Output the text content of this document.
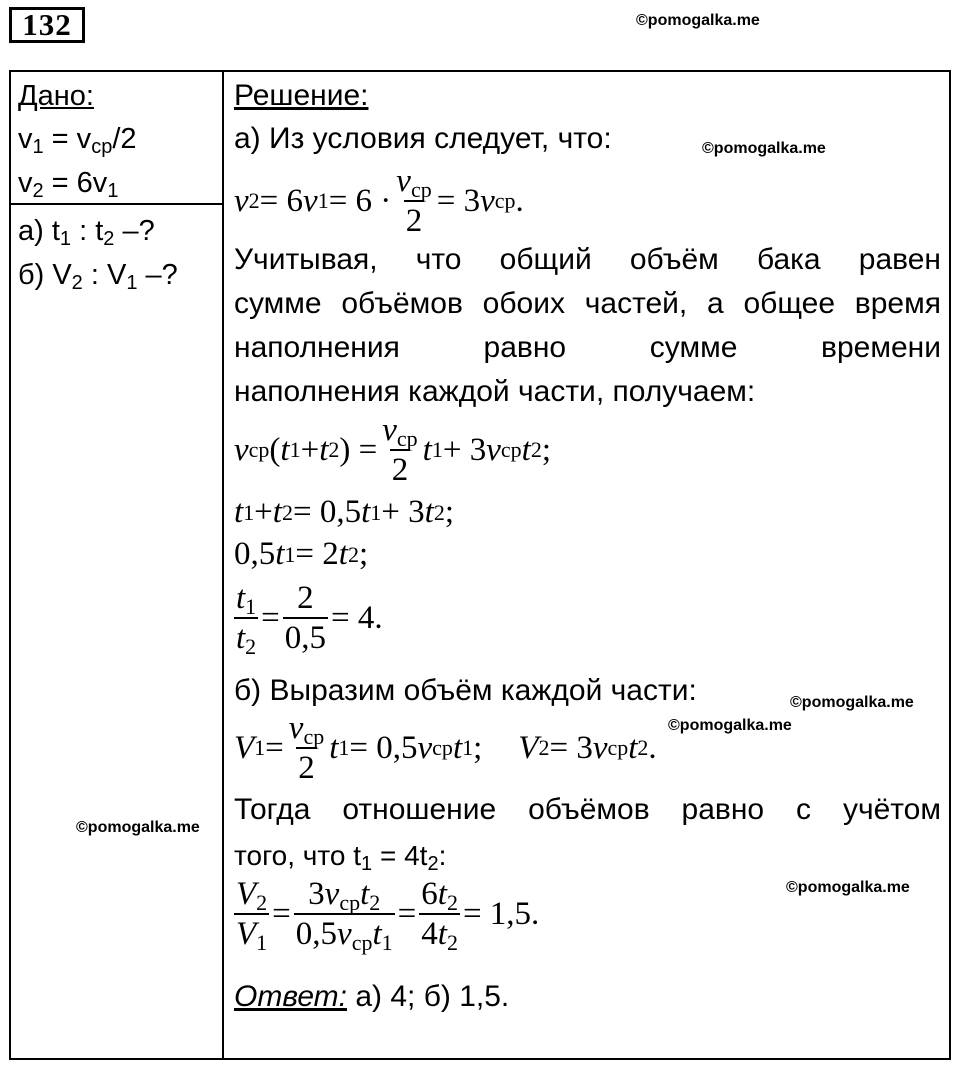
132	©pomogalka.me
Дано:
$v_1 = v_{ср}/2$
$v_2 = 6v_1$
а) $t_1$ : $t_2$ –?
б) $V_2$ : $V_1$ –?
Решение:
а) Из условия следует, что:	©pomogalka.me
v 2 = 6 v $1 = 6 \cdot \frac{v_{ср}}{2} = 3$ v ср .
Учитывая, что общий объём бака равен
сумме объёмов обоих частей, а общее время
наполнения равно сумме времени
наполнения каждой части, получаем:
v ср ( t 1 + t 2 ) = $\frac{v_{ср}}{2}$ t 1 + 3 v ср t 2 ;
t 1 + t 2 = 0,5 t 1 + 3 t 2 ;
0,5 t 1 = 2 t 2 ;
$\frac{t_1}{t_2} = \frac{2}{0,5} = 4$.
б) Выразим объём каждой части:	©pomogalka.me
©pomogalka.me
V $1 = \frac{v_{ср}}{2}$ t 1 = 0,5 v ср t 1 ; V 2 = 3 v ср t 2 .
Тогда отношение объёмов равно с учётом
того, что $t_1 = 4t_2$:
©pomogalka.me
©pomogalka.me
$\frac{V_2}{V_1} = \frac{3v_{ср}t_2}{0,5v_{ср}t_1} = \frac{6t_2}{4t_2} = 1,5$.
Ответ: а) 4; б) 1,5.
